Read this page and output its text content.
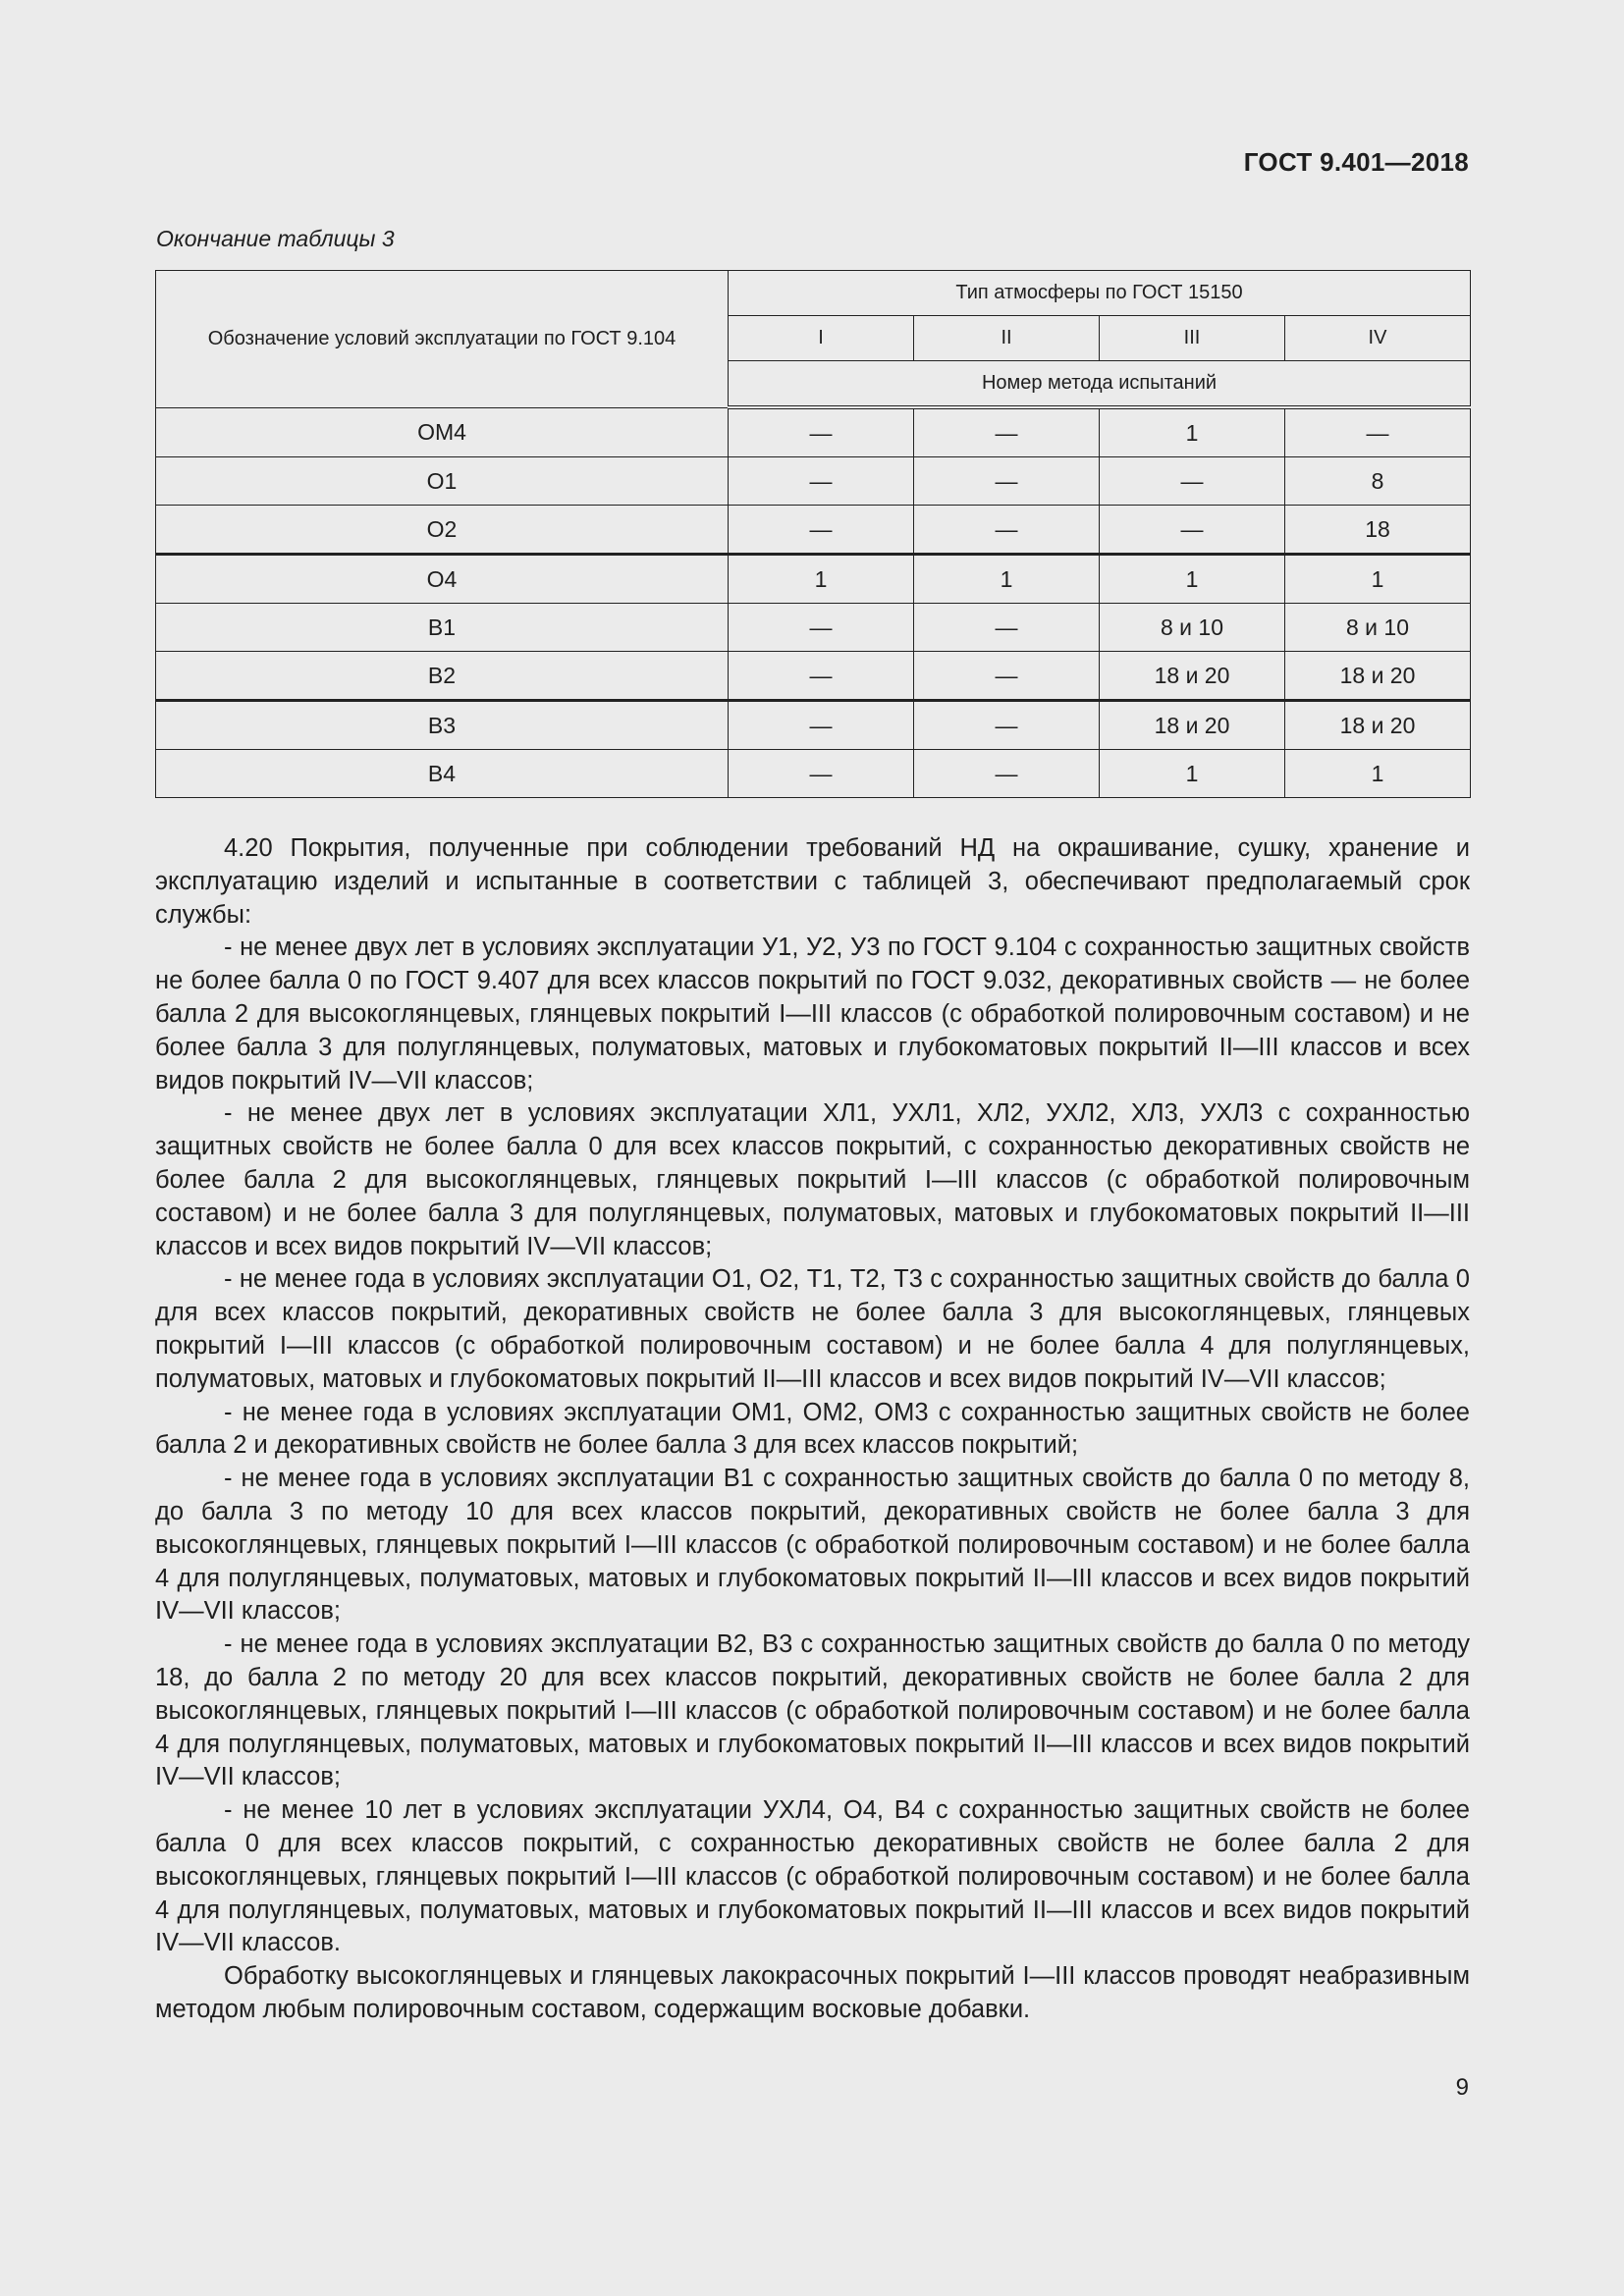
ГОСТ 9.401—2018
Окончание таблицы 3
Обозначение условий эксплуатации по ГОСТ 9.104	Тип атмосферы по ГОСТ 15150			
	I	II	III	IV
	Номер метода испытаний			
ОМ4	—	—	1	—
О1	—	—	—	8
О2	—	—	—	18
О4	1	1	1	1
В1	—	—	8 и 10	8 и 10
В2	—	—	18 и 20	18 и 20
В3	—	—	18 и 20	18 и 20
В4	—	—	1	1

4.20 Покрытия, полученные при соблюдении требований НД на окрашивание, сушку, хранение и эксплуатацию изделий и испытанные в соответствии с таблицей 3, обеспечивают предполагаемый срок службы:

- не менее двух лет в условиях эксплуатации У1, У2, У3 по ГОСТ 9.104 с сохранностью защитных свойств не более балла 0 по ГОСТ 9.407 для всех классов покрытий по ГОСТ 9.032, декоративных свойств — не более балла 2 для высокоглянцевых, глянцевых покрытий I—III классов (с обработкой полировочным составом) и не более балла 3 для полуглянцевых, полуматовых, матовых и глубокоматовых покрытий II—III классов и всех видов покрытий IV—VII классов;

- не менее двух лет в условиях эксплуатации ХЛ1, УХЛ1, ХЛ2, УХЛ2, ХЛ3, УХЛ3 с сохранностью защитных свойств не более балла 0 для всех классов покрытий, с сохранностью декоративных свойств не более балла 2 для высокоглянцевых, глянцевых покрытий I—III классов (с обработкой полировочным составом) и не более балла 3 для полуглянцевых, полуматовых, матовых и глубокоматовых покрытий II—III классов и всех видов покрытий IV—VII классов;

- не менее года в условиях эксплуатации О1, О2, Т1, Т2, Т3 с сохранностью защитных свойств до балла 0 для всех классов покрытий, декоративных свойств не более балла 3 для высокоглянцевых, глянцевых покрытий I—III классов (с обработкой полировочным составом) и не более балла 4 для полуглянцевых, полуматовых, матовых и глубокоматовых покрытий II—III классов и всех видов покрытий IV—VII классов;

- не менее года в условиях эксплуатации ОМ1, ОМ2, ОМ3 с сохранностью защитных свойств не более балла 2 и декоративных свойств не более балла 3 для всех классов покрытий;

- не менее года в условиях эксплуатации В1 с сохранностью защитных свойств до балла 0 по методу 8, до балла 3 по методу 10 для всех классов покрытий, декоративных свойств не более балла 3 для высокоглянцевых, глянцевых покрытий I—III классов (с обработкой полировочным составом) и не более балла 4 для полуглянцевых, полуматовых, матовых и глубокоматовых покрытий II—III классов и всех видов покрытий IV—VII классов;

- не менее года в условиях эксплуатации В2, В3 с сохранностью защитных свойств до балла 0 по методу 18, до балла 2 по методу 20 для всех классов покрытий, декоративных свойств не более балла 2 для высокоглянцевых, глянцевых покрытий I—III классов (с обработкой полировочным составом) и не более балла 4 для полуглянцевых, полуматовых, матовых и глубокоматовых покрытий II—III классов и всех видов покрытий IV—VII классов;

- не менее 10 лет в условиях эксплуатации УХЛ4, О4, В4 с сохранностью защитных свойств не более балла 0 для всех классов покрытий, с сохранностью декоративных свойств не более балла 2 для высокоглянцевых, глянцевых покрытий I—III классов (с обработкой полировочным составом) и не более балла 4 для полуглянцевых, полуматовых, матовых и глубокоматовых покрытий II—III классов и всех видов покрытий IV—VII классов.

Обработку высокоглянцевых и глянцевых лакокрасочных покрытий I—III классов проводят неабразивным методом любым полировочным составом, содержащим восковые добавки.

9
